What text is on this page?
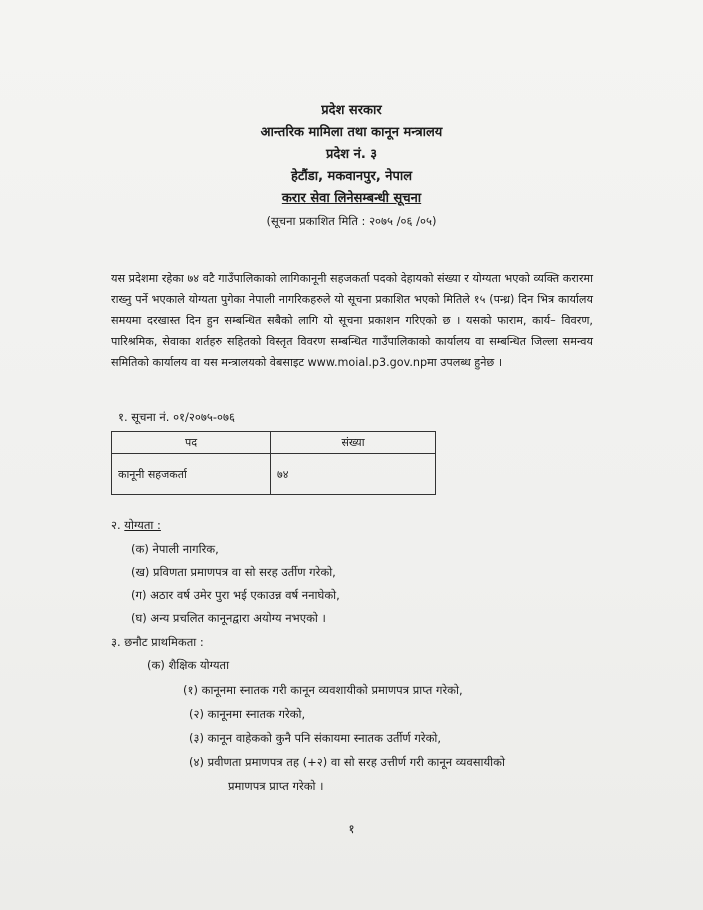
प्रदेश सरकार
आन्तरिक मामिला तथा कानून मन्त्रालय
प्रदेश नं. ३
हेटौंडा, मकवानपुर, नेपाल
करार सेवा लिनेसम्बन्धी सूचना
(सूचना प्रकाशित मिति : २०७५ /०६ /०५)
यस प्रदेशमा रहेका ७४ वटै गाउँपालिकाको लागिकानूनी सहजकर्ता पदको देहायको संख्या र योग्यता भएको व्यक्ति करारमा राख्नु पर्ने भएकाले योग्यता पुगेका नेपाली नागरिकहरुले यो सूचना प्रकाशित भएको मितिले १५ (पन्ध्र) दिन भित्र कार्यालय समयमा दरखास्त दिन हुन सम्बन्धित सबैको लागि यो सूचना प्रकाशन गरिएको छ । यसको फाराम, कार्य– विवरण, पारिश्रमिक, सेवाका शर्तहरु सहितको विस्तृत विवरण सम्बन्धित गाउँपालिकाको कार्यालय वा सम्बन्धित जिल्ला समन्वय समितिको कार्यालय वा यस मन्त्रालयको वेबसाइट www.moial.p3.gov.npमा उपलब्ध हुनेछ ।
१. सूचना नं. ०१/२०७५-०७६
पद	संख्या
कानूनी सहजकर्ता	७४
२. योग्यता :
(क) नेपाली नागरिक,
(ख) प्रविणता प्रमाणपत्र वा सो सरह उर्तीण गरेको,
(ग) अठार वर्ष उमेर पुरा भई एकाउन्न वर्ष ननाघेको,
(घ) अन्य प्रचलित कानूनद्वारा अयोग्य नभएको ।
३. छनौट प्राथमिकता :
(क) शैक्षिक योग्यता
(१) कानूनमा स्नातक गरी कानून व्यवशायीको प्रमाणपत्र प्राप्त गरेको,
(२) कानूनमा स्नातक गरेको,
(३) कानून वाहेकको कुनै पनि संकायमा स्नातक उर्तीर्ण गरेको,
(४) प्रवीणता प्रमाणपत्र तह (+२) वा सो सरह उत्तीर्ण गरी कानून व्यवसायीको
प्रमाणपत्र प्राप्त गरेको ।
१
